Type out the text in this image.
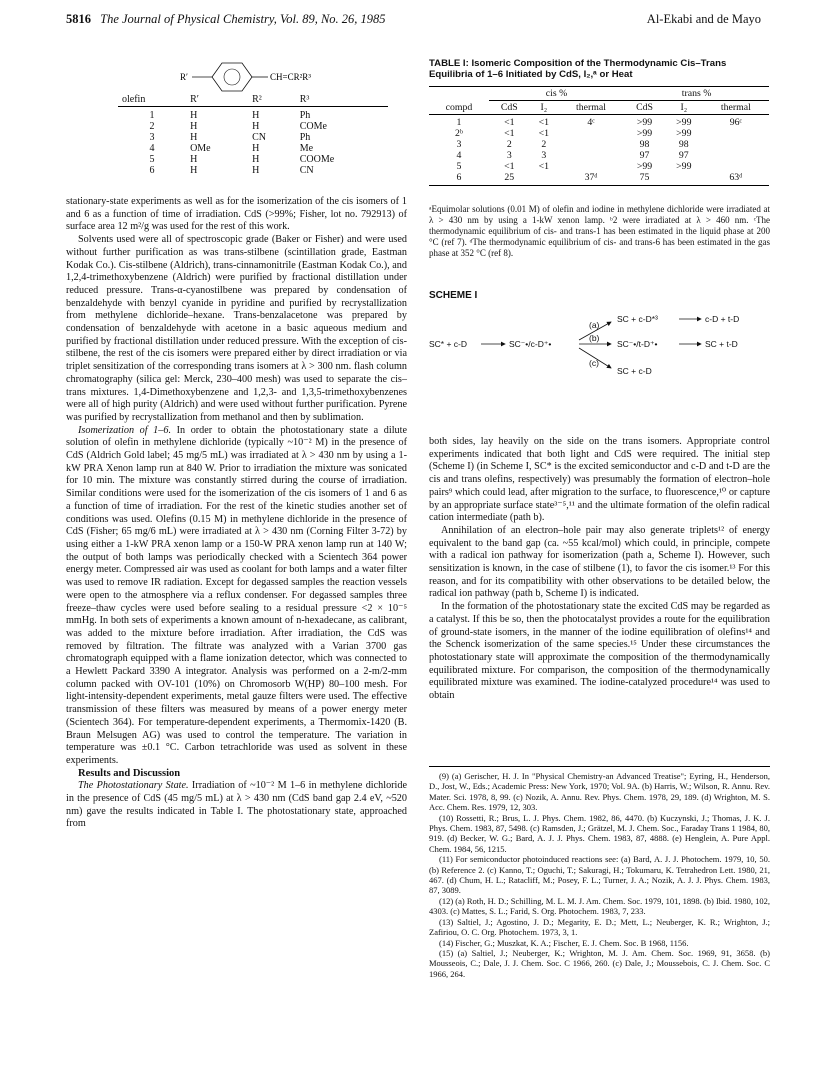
5816 The Journal of Physical Chemistry, Vol. 89, No. 26, 1985	Al-Ekabi and de Mayo
R′	CH=CR²R³
olefin	R′	R²	R³
1	H	H	Ph
2	H	H	COMe
3	H	CN	Ph
4	OMe	H	Me
5	H	H	COOMe
6	H	H	CN

stationary-state experiments as well as for the isomerization of the cis isomers of 1 and 6 as a function of time of irradiation. CdS (>99%; Fisher, lot no. 792913) of surface area 12 m²/g was used for the rest of this work.

Solvents used were all of spectroscopic grade (Baker or Fisher) and were used without further purification as was trans-stilbene (scintillation grade, Eastman Kodak Co.). Cis-stilbene (Aldrich), trans-cinnamonitrile (Eastman Kodak Co.), and 1,2,4-trimethoxybenzene (Aldrich) were purified by fractional distillation under reduced pressure. Trans-α-cyanostilbene was prepared by condensation of benzaldehyde with benzyl cyanide in pyridine and purified by recrystallization from methylene dichloride–hexane. Trans-benzalacetone was prepared by condensation of benzaldehyde with acetone in a basic aqueous medium and purified by fractional distillation under reduced pressure. With the exception of cis-stilbene, the rest of the cis isomers were prepared either by direct irradiation or via triplet sensitization of the corresponding trans isomers at λ > 300 nm. flash column chromatography (silica gel: Merck, 230–400 mesh) was used to separate the cis–trans mixtures. 1,4-Dimethoxybenzene and 1,2,3- and 1,3,5-trimethoxybenzenes were all of high purity (Aldrich) and were used without further purification. Pyrene was purified by recrystallization from methanol and then by sublimation.

Isomerization of 1–6. In order to obtain the photostationary state a dilute solution of olefin in methylene dichloride (typically ~10⁻² M) in the presence of CdS (Aldrich Gold label; 45 mg/5 mL) was irradiated at λ > 430 nm by using a 1-kW PRA Xenon lamp run at 840 W. Prior to irradiation the mixture was sonicated for 10 min. The mixture was constantly stirred during the course of irradiation. Similar conditions were used for the isomerization of the cis isomers of 1 and 6 as a function of time of irradiation. For the rest of the kinetic studies another set of conditions was used. Olefins (0.15 M) in methylene dichloride in the presence of CdS (Fisher; 65 mg/6 mL) were irradiated at λ > 430 nm (Corning Filter 3-72) by using either a 1-kW PRA xenon lamp or a 150-W PRA xenon lamp run at 140 W; the output of both lamps was periodically checked with a Scientech 364 power energy meter. Compressed air was used as coolant for both lamps and a water filter was used to remove IR radiation. Except for degassed samples the reaction vessels were open to the atmosphere via a reflux condenser. For degassed samples three freeze–thaw cycles were used before sealing to a residual pressure <2 × 10⁻⁵ mmHg. In both sets of experiments a known amount of n-hexadecane, as calibrant, was added to the mixture before irradiation. After irradiation, the CdS was removed by filtration. The filtrate was analyzed with a Varian 3700 gas chromatograph equipped with a flame ionization detector, which was connected to a Hewlett Packard 3390 A integrator. Analysis was performed on a 2-m/2-mm column packed with OV-101 (10%) on Chromosorb W(HP) 80–100 mesh. For light-intensity-dependent experiments, metal gauze filters were used. The effective transmission of these filters was measured by means of a power energy meter (Scientech 364). For temperature-dependent experiments, a Thermomix-1420 (B. Braun Melsugen AG) was used to control the temperature. The variation in temperature was ±0.1 °C. Carbon tetrachloride was used as solvent in these experiments.

Results and Discussion

The Photostationary State. Irradiation of ~10⁻² M 1–6 in methylene dichloride in the presence of CdS (45 mg/5 mL) at λ > 430 nm (CdS band gap 2.4 eV, ~520 nm) gave the results indicated in Table I. The photostationary state, approached from

TABLE I: Isomeric Composition of the Thermodynamic Cis–Trans Equilibria of 1–6 Initiated by CdS, I₂,ᵃ or Heat
	cis %			trans %		
compd	CdS	I₂	thermal	CdS	I₂	thermal
1	<1	<1	4ᶜ	>99	>99	96ᶜ
2ᵇ	<1	<1		>99	>99	
3	2	2		98	98	
4	3	3		97	97	
5	<1	<1		>99	>99	
6	25		37ᵈ	75		63ᵈ
ᵃEquimolar solutions (0.01 M) of olefin and iodine in methylene dichloride were irradiated at λ > 430 nm by using a 1-kW xenon lamp. ᵇ2 were irradiated at λ > 460 nm. ᶜThe thermodynamic equilibrium of cis- and trans-1 has been estimated in the liquid phase at 200 °C (ref 7). ᵈThe thermodynamic equilibrium of cis- and trans-6 has been estimated in the gas phase at 352 °C (ref 8).
SCHEME I
SC* + c-D	SC⁻•/c-D⁺•
(a)
SC + c-D*³	c-D + t-D
(b)
SC⁻•/t-D⁺•	SC + t-D
(c)
SC + c-D

both sides, lay heavily on the side on the trans isomers. Appropriate control experiments indicated that both light and CdS were required. The initial step (Scheme I) (in Scheme I, SC* is the excited semiconductor and c-D and t-D are the cis and trans olefins, respectively) was presumably the formation of electron–hole pairs⁹ which could lead, after migration to the surface, to fluorescence,¹⁰ or capture by an appropriate surface state³⁻⁵,¹¹ and the ultimate formation of the olefin radical cation intermediate (path b).

Annihilation of an electron–hole pair may also generate triplets¹² of energy equivalent to the band gap (ca. ~55 kcal/mol) which could, in principle, compete with a radical ion pathway for isomerization (path a, Scheme I). However, such sensitization is known, in the case of stilbene (1), to favor the cis isomer.¹³ For this reason, and for its compatibility with other observations to be detailed below, the radical ion pathway (path b, Scheme I) is indicated.

In the formation of the photostationary state the excited CdS may be regarded as a catalyst. If this be so, then the photocatalyst provides a route for the equilibration of ground-state isomers, in the manner of the iodine equilibration of olefins¹⁴ and the Schenck isomerization of the same species.¹⁵ Under these circumstances the photostationary state will approximate the composition of the thermodynamically equilibrated mixture. For comparison, the composition of the thermodynamically equilibrated mixture was examined. The iodine-catalyzed procedure¹⁴ was used to obtain

(9) (a) Gerischer, H. J. In "Physical Chemistry-an Advanced Treatise"; Eyring, H., Henderson, D., Jost, W., Eds.; Academic Press: New York, 1970; Vol. 9A. (b) Harris, W.; Wilson, R. Annu. Rev. Mater. Sci. 1978, 8, 99. (c) Nozik, A. Annu. Rev. Phys. Chem. 1978, 29, 189. (d) Wrighton, M. S. Acc. Chem. Res. 1979, 12, 303.

(10) Rossetti, R.; Brus, L. J. Phys. Chem. 1982, 86, 4470. (b) Kuczynski, J.; Thomas, J. K. J. Phys. Chem. 1983, 87, 5498. (c) Ramsden, J.; Grätzel, M. J. Chem. Soc., Faraday Trans 1 1984, 80, 919. (d) Becker, W. G.; Bard, A. J. J. Phys. Chem. 1983, 87, 4888. (e) Henglein, A. Pure Appl. Chem. 1984, 56, 1215.

(11) For semiconductor photoinduced reactions see: (a) Bard, A. J. J. Photochem. 1979, 10, 50. (b) Reference 2. (c) Kanno, T.; Oguchi, T.; Sakuragi, H.; Tokumaru, K. Tetrahedron Lett. 1980, 21, 467. (d) Chum, H. L.; Ratacliff, M.; Posey, F. L.; Turner, J. A.; Nozik, A. J. J. Phys. Chem. 1983, 87, 3089.

(12) (a) Roth, H. D.; Schilling, M. L. M. J. Am. Chem. Soc. 1979, 101, 1898. (b) Ibid. 1980, 102, 4303. (c) Mattes, S. L.; Farid, S. Org. Photochem. 1983, 7, 233.

(13) Saltiel, J.; Agostino, J. D.; Megarity, E. D.; Mett, L.; Neuberger, K. R.; Wrighton, J.; Zafiriou, O. C. Org. Photochem. 1973, 3, 1.

(14) Fischer, G.; Muszkat, K. A.; Fischer, E. J. Chem. Soc. B 1968, 1156.

(15) (a) Saltiel, J.; Neuberger, K.; Wrighton, M. J. Am. Chem. Soc. 1969, 91, 3658. (b) Mousseois, C.; Dale, J. J. Chem. Soc. C 1966, 260. (c) Dale, J.; Moussebois, C. J. Chem. Soc. C 1966, 264.
